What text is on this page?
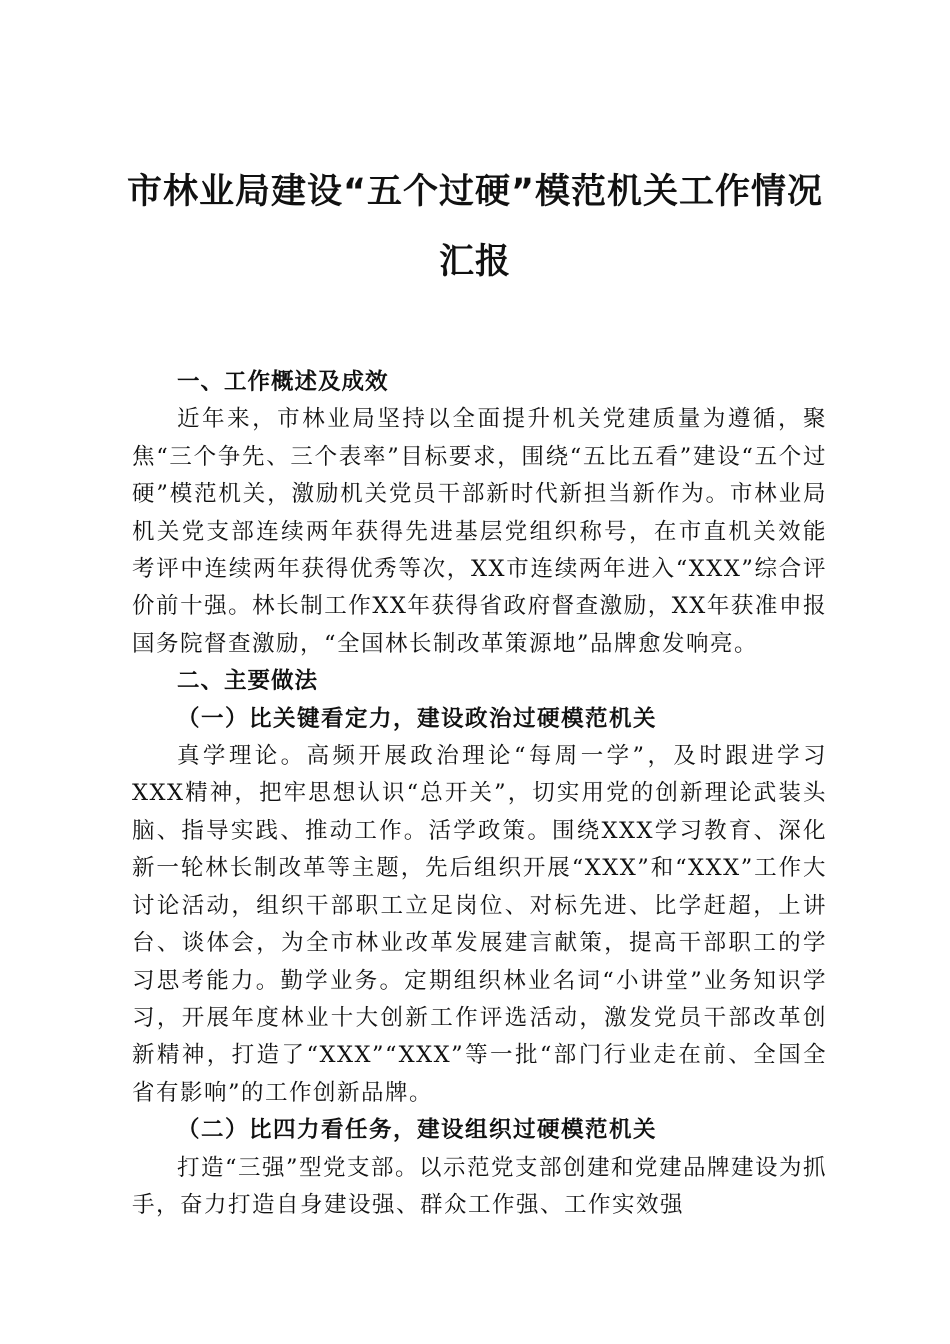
市林业局建设“五个过硬”模范机关工作情况
汇报

一、工作概述及成效

近年来，市林业局坚持以全面提升机关党建质量为遵循，聚焦“三个争先、三个表率”目标要求，围绕“五比五看”建设“五个过硬”模范机关，激励机关党员干部新时代新担当新作为。市林业局机关党支部连续两年获得先进基层党组织称号，在市直机关效能考评中连续两年获得优秀等次，XX市连续两年进入“XXX”综合评价前十强。林长制工作XX年获得省政府督查激励，XX年获准申报国务院督查激励，“全国林长制改革策源地”品牌愈发响亮。

二、主要做法

（一）比关键看定力，建设政治过硬模范机关

真学理论。高频开展政治理论“每周一学”，及时跟进学习XXX精神，把牢思想认识“总开关”，切实用党的创新理论武装头脑、指导实践、推动工作。活学政策。围绕XXX学习教育、深化新一轮林长制改革等主题，先后组织开展“XXX”和“XXX”工作大讨论活动，组织干部职工立足岗位、对标先进、比学赶超，上讲台、谈体会，为全市林业改革发展建言献策，提高干部职工的学习思考能力。勤学业务。定期组织林业名词“小讲堂”业务知识学习，开展年度林业十大创新工作评选活动，激发党员干部改革创新精神，打造了“XXX”“XXX”等一批“部门行业走在前、全国全省有影响”的工作创新品牌。

（二）比四力看任务，建设组织过硬模范机关

打造“三强”型党支部。以示范党支部创建和党建品牌建设为抓手，奋力打造自身建设强、群众工作强、工作实效强
